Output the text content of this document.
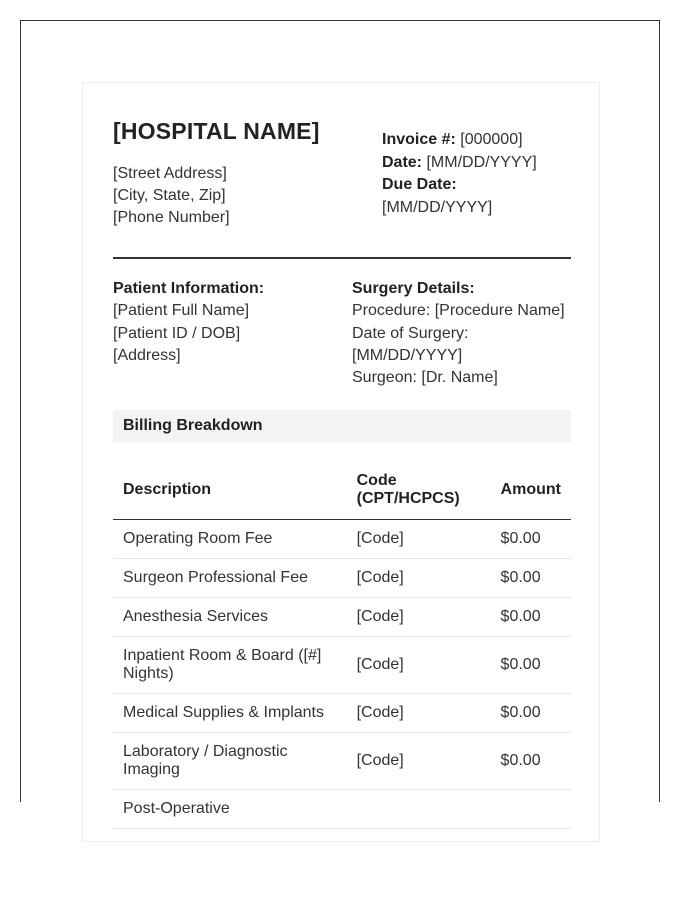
[HOSPITAL NAME]
[Street Address]
[City, State, Zip]
[Phone Number]
Invoice #: [000000]
Date: [MM/DD/YYYY]
Due Date: [MM/DD/YYYY]
Patient Information:
[Patient Full Name]
[Patient ID / DOB]
[Address]
Surgery Details:
Procedure: [Procedure Name]
Date of Surgery:
[MM/DD/YYYY]
Surgeon: [Dr. Name]
Billing Breakdown
Description	Code (CPT/HCPCS)	Amount
Operating Room Fee	[Code]	$0.00
Surgeon Professional Fee	[Code]	$0.00
Anesthesia Services	[Code]	$0.00
Inpatient Room & Board ([#] Nights)	[Code]	$0.00
Medical Supplies & Implants	[Code]	$0.00
Laboratory / Diagnostic Imaging	[Code]	$0.00
Post-Operative		
